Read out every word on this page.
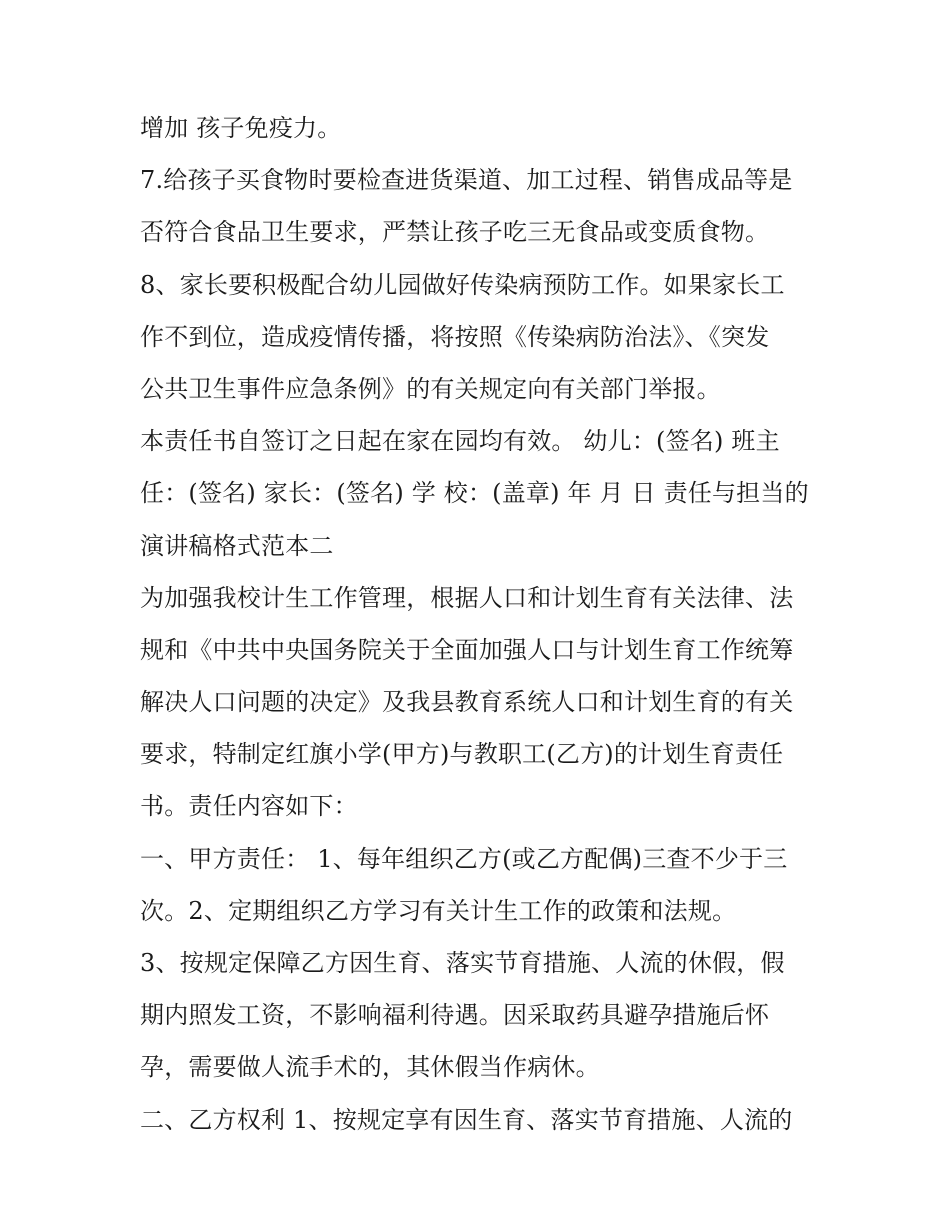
增加 孩子免疫力。
7.给孩子买食物时要检查进货渠道、加工过程、销售成品等是
否符合食品卫生要求，严禁让孩子吃三无食品或变质食物。
8、家长要积极配合幼儿园做好传染病预防工作。如果家长工
作不到位，造成疫情传播，将按照《传染病防治法》、《突发
公共卫生事件应急条例》的有关规定向有关部门举报。
本责任书自签订之日起在家在园均有效。 幼儿：(签名) 班主
任：(签名) 家长：(签名) 学 校：(盖章) 年 月 日 责任与担当的
演讲稿格式范本二
为加强我校计生工作管理，根据人口和计划生育有关法律、法
规和《中共中央国务院关于全面加强人口与计划生育工作统筹
解决人口问题的决定》及我县教育系统人口和计划生育的有关
要求，特制定红旗小学(甲方)与教职工(乙方)的计划生育责任
书。责任内容如下：
一、甲方责任： 1、每年组织乙方(或乙方配偶)三查不少于三
次。2、定期组织乙方学习有关计生工作的政策和法规。
3、按规定保障乙方因生育、落实节育措施、人流的休假，假
期内照发工资，不影响福利待遇。因采取药具避孕措施后怀
孕，需要做人流手术的，其休假当作病休。
二、乙方权利 1、按规定享有因生育、落实节育措施、人流的
